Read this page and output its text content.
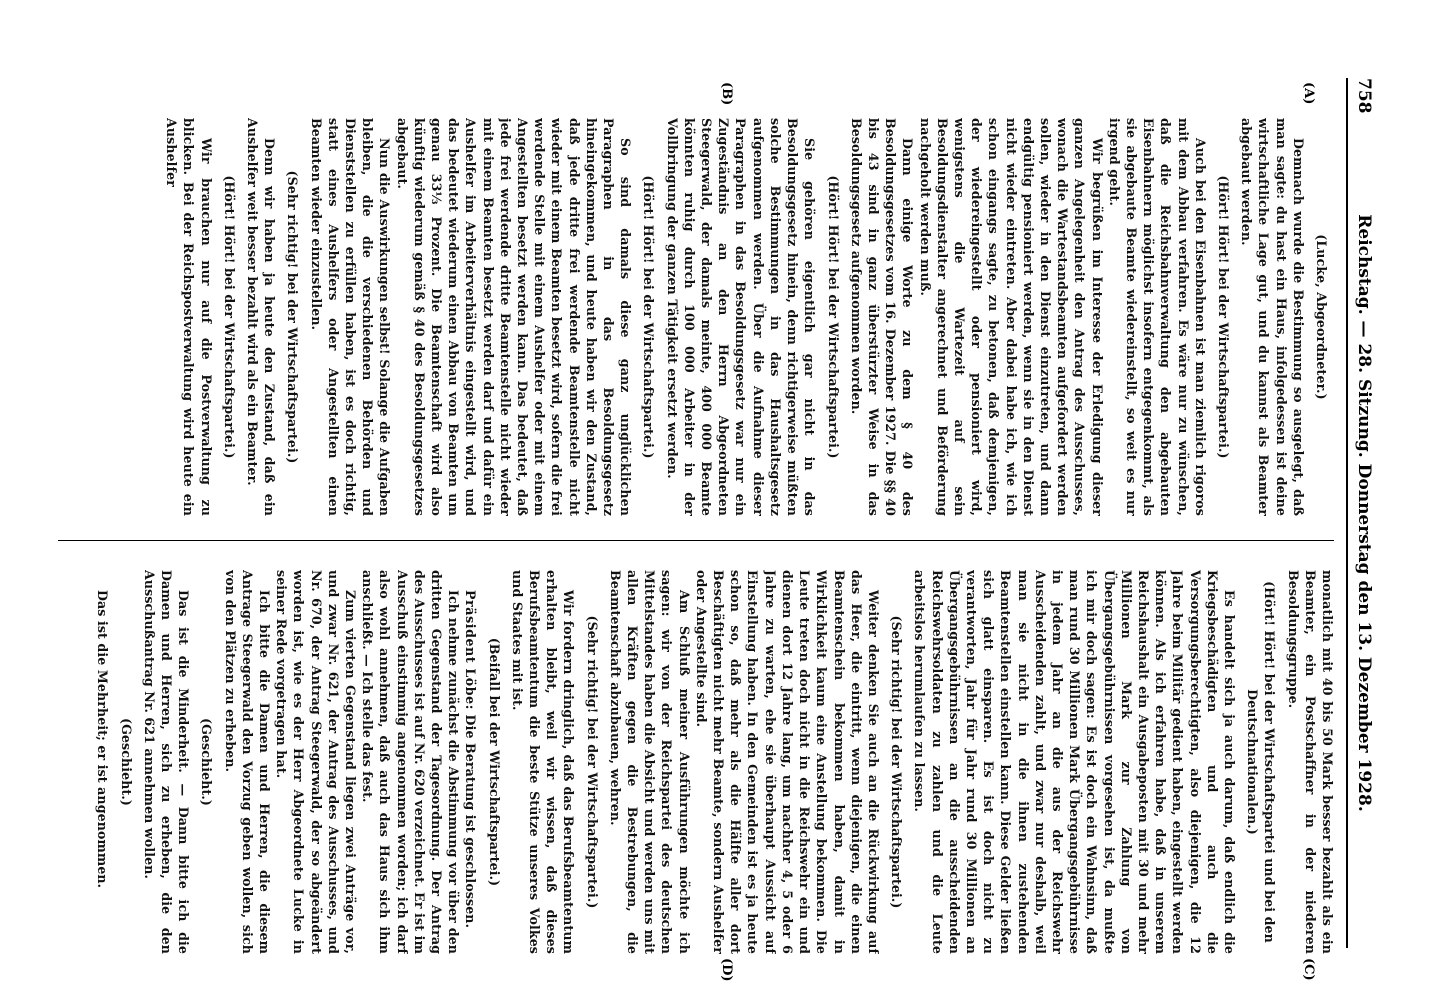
758
Reichstag. — 28. Sitzung. Donnerstag den 13. Dezember 1928.
(A)
(B)
(C)
(D)

(Lucke, Abgeordneter.)

Demnach wurde die Bestimmung so ausgelegt, daß man sagte: du hast ein Haus, infolgedessen ist deine wirtschaftliche Lage gut, und du kannst als Beamter abgebaut werden.

(Hört! Hört! bei der Wirtschaftspartei.)

Auch bei den Eisenbahnen ist man ziemlich rigoros mit dem Abbau verfahren. Es wäre nur zu wünschen, daß die Reichsbahnverwaltung den abgebauten Eisenbahnern möglichst insofern entgegenkommt, als sie abgebaute Beamte wiedereinstellt, so weit es nur irgend geht.

Wir begrüßen im Interesse der Erledigung dieser ganzen Angelegenheit den Antrag des Ausschusses, wonach die Wartestandsbeamten aufgefordert werden sollen, wieder in den Dienst einzutreten, und dann endgültig pensioniert werden, wenn sie in den Dienst nicht wieder eintreten. Aber dabei habe ich, wie ich schon eingangs sagte, zu betonen, daß demjenigen, der wiedereingestellt oder pensioniert wird, wenigstens die Wartezeit auf sein Besoldungsdienstalter angerechnet und Beförderung nachgeholt werden muß.

Dann einige Worte zu dem § 40 des Besoldungsgesetzes vom 16. Dezember 1927. Die §§ 40 bis 43 sind in ganz überstürzter Weise in das Besoldungsgesetz aufgenommen worden.

(Hört! Hört! bei der Wirtschaftspartei.)

Sie gehören eigentlich gar nicht in das Besoldungsgesetz hinein, denn richtigerweise müßten solche Bestimmungen in das Haushaltsgesetz aufgenommen werden. Über die Aufnahme dieser Paragraphen in das Besoldungsgesetz war nur ein Zugeständnis an den Herrn Abgeordneten Steegerwald, der damals meinte, 400 000 Beamte könnten ruhig durch 100 000 Arbeiter in der Vollbringung der ganzen Tätigkeit ersetzt werden.

(Hört! Hört! bei der Wirtschaftspartei.)

So sind damals diese ganz unglücklichen Paragraphen in das Besoldungsgesetz hineingekommen, und heute haben wir den Zustand, daß jede dritte frei werdende Beamtenstelle nicht wieder mit einem Beamten besetzt wird, sofern die frei werdende Stelle mit einem Aushelfer oder mit einem Angestellten besetzt werden kann. Das bedeutet, daß jede frei werdende dritte Beamtenstelle nicht wieder mit einem Beamten besetzt werden darf und dafür ein Aushelfer im Arbeiterverhältnis eingestellt wird, und das bedeutet wiederum einen Abbau von Beamten um genau 33⅓ Prozent. Die Beamtenschaft wird also künftig wiederum gemäß § 40 des Besoldungsgesetzes abgebaut.

Nun die Auswirkungen selbst! Solange die Aufgaben bleiben, die die verschiedenen Behörden und Dienststellen zu erfüllen haben, ist es doch richtig, statt eines Aushelfers oder Angestellten einen Beamten wieder einzustellen.

(Sehr richtig! bei der Wirtschaftspartei.)

Denn wir haben ja heute den Zustand, daß ein Aushelfer weit besser bezahlt wird als ein Beamter.

(Hört! Hört! bei der Wirtschaftspartei.)

Wir brauchen nur auf die Postverwaltung zu blicken. Bei der Reichspostverwaltung wird heute ein Aushelfer

monatlich mit 40 bis 50 Mark besser bezahlt als ein Beamter, ein Postschaffner in der niederen Besoldungsgruppe.

(Hört! Hört! bei der Wirtschaftspartei und bei den Deutschnationalen.)

Es handelt sich ja auch darum, daß endlich die Kriegsbeschädigten und auch die Versorgungsberechtigten, also diejenigen, die 12 Jahre beim Militär gedient haben, eingestellt werden können. Als ich erfahren habe, daß in unserem Reichshaushalt ein Ausgabeposten mit 30 und mehr Millionen Mark zur Zahlung von Übergangsgebührnissen vorgesehen ist, da mußte ich mir doch sagen: Es ist doch ein Wahnsinn, daß man rund 30 Millionen Mark Übergangsgebührnisse in jedem Jahr an die aus der Reichswehr Ausscheidenden zahlt, und zwar nur deshalb, weil man sie nicht in die ihnen zustehenden Beamtenstellen einstellen kann. Diese Gelder ließen sich glatt einsparen. Es ist doch nicht zu verantworten, Jahr für Jahr rund 30 Millionen an Übergangsgebührnissen an die ausscheidenden Reichswehrsoldaten zu zahlen und die Leute arbeitslos herumlaufen zu lassen.

(Sehr richtig! bei der Wirtschaftspartei.)

Weiter denken Sie auch an die Rückwirkung auf das Heer, die eintritt, wenn diejenigen, die einen Beamtenschein bekommen haben, damit in Wirklichkeit kaum eine Anstellung bekommen. Die Leute treten doch nicht in die Reichswehr ein und dienen dort 12 Jahre lang, um nachher 4, 5 oder 6 Jahre zu warten, ehe sie überhaupt Aussicht auf Einstellung haben. In den Gemeinden ist es ja heute schon so, daß mehr als die Hälfte aller dort Beschäftigten nicht mehr Beamte, sondern Aushelfer oder Angestellte sind.

Am Schluß meiner Ausführungen möchte ich sagen: wir von der Reichspartei des deutschen Mittelstandes haben die Absicht und werden uns mit allen Kräften gegen die Bestrebungen, die Beamtenschaft abzubauen, wehren.

(Sehr richtig! bei der Wirtschaftspartei.)

Wir fordern dringlich, daß das Berufsbeamtentum erhalten bleibt, weil wir wissen, daß dieses Berufsbeamtentum die beste Stütze unseres Volkes und Staates mit ist.

(Beifall bei der Wirtschaftspartei.)

Präsident Löbe: Die Beratung ist geschlossen.

Ich nehme zunächst die Abstimmung vor über den dritten Gegenstand der Tagesordnung. Der Antrag des Ausschusses ist auf Nr. 620 verzeichnet. Er ist im Ausschuß einstimmig angenommen worden; ich darf also wohl annehmen, daß auch das Haus sich ihm anschließt. — Ich stelle das fest.

Zum vierten Gegenstand liegen zwei Anträge vor, und zwar Nr. 621, der Antrag des Ausschusses, und Nr. 670, der Antrag Steegerwald, der so abgeändert worden ist, wie es der Herr Abgeordnete Lucke in seiner Rede vorgetragen hat.

Ich bitte die Damen und Herren, die diesem Antrage Steegerwald den Vorzug geben wollen, sich von den Plätzen zu erheben.

(Geschieht.)

Das ist die Minderheit. — Dann bitte ich die Damen und Herren, sich zu erheben, die den Ausschußantrag Nr. 621 annehmen wollen.

(Geschieht.)

Das ist die Mehrheit; er ist angenommen.
